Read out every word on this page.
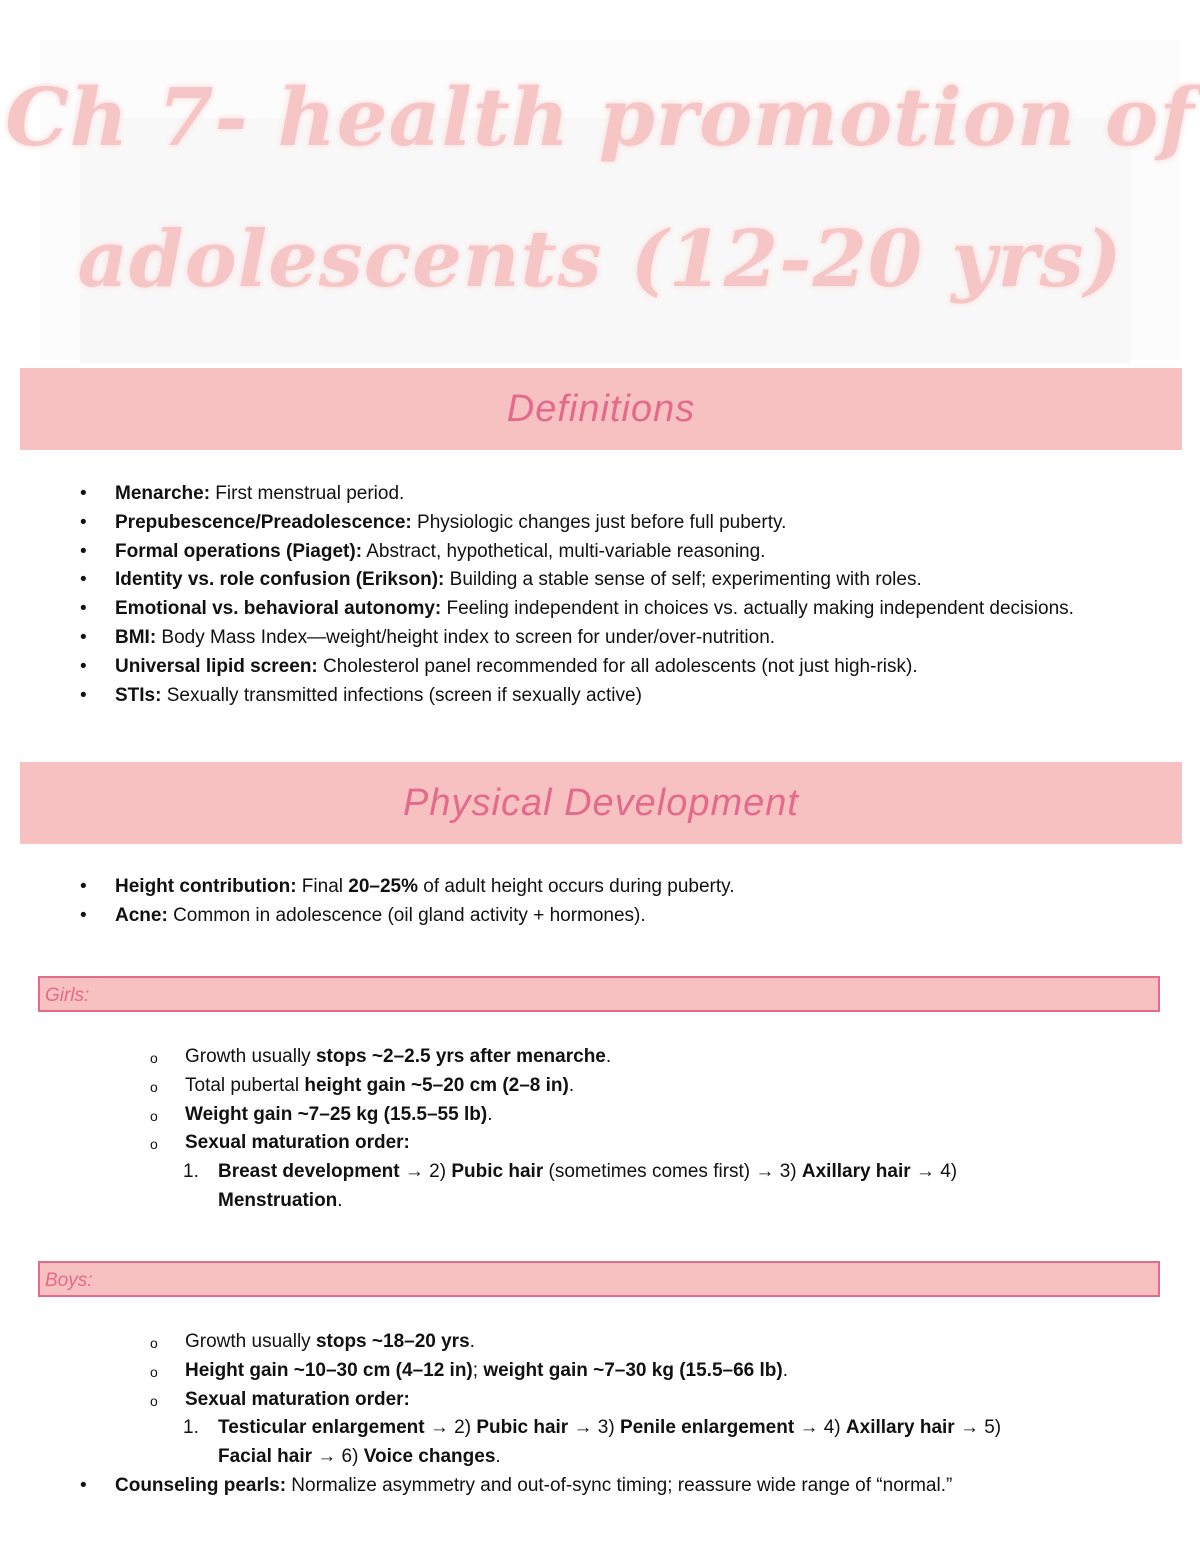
Ch 7- health promotion of
adolescents (12-20 yrs)
Definitions
• Menarche: First menstrual period.
• Prepubescence/Preadolescence: Physiologic changes just before full puberty.
• Formal operations (Piaget): Abstract, hypothetical, multi-variable reasoning.
• Identity vs. role confusion (Erikson): Building a stable sense of self; experimenting with roles.
• Emotional vs. behavioral autonomy: Feeling independent in choices vs. actually making independent decisions.
• BMI: Body Mass Index—weight/height index to screen for under/over-nutrition.
• Universal lipid screen: Cholesterol panel recommended for all adolescents (not just high-risk).
• STIs: Sexually transmitted infections (screen if sexually active)
Physical Development
• Height contribution: Final 20–25% of adult height occurs during puberty.
• Acne: Common in adolescence (oil gland activity + hormones).
Girls:
o Growth usually stops ~2–2.5 yrs after menarche.
o Total pubertal height gain ~5–20 cm (2–8 in).
o Weight gain ~7–25 kg (15.5–55 lb).
o Sexual maturation order:
1. Breast development → 2) Pubic hair (sometimes comes first) → 3) Axillary hair → 4)
Menstruation.
Boys:
o Growth usually stops ~18–20 yrs.
o Height gain ~10–30 cm (4–12 in); weight gain ~7–30 kg (15.5–66 lb).
o Sexual maturation order:
1. Testicular enlargement → 2) Pubic hair → 3) Penile enlargement → 4) Axillary hair → 5)
Facial hair → 6) Voice changes.
• Counseling pearls: Normalize asymmetry and out-of-sync timing; reassure wide range of “normal.”
